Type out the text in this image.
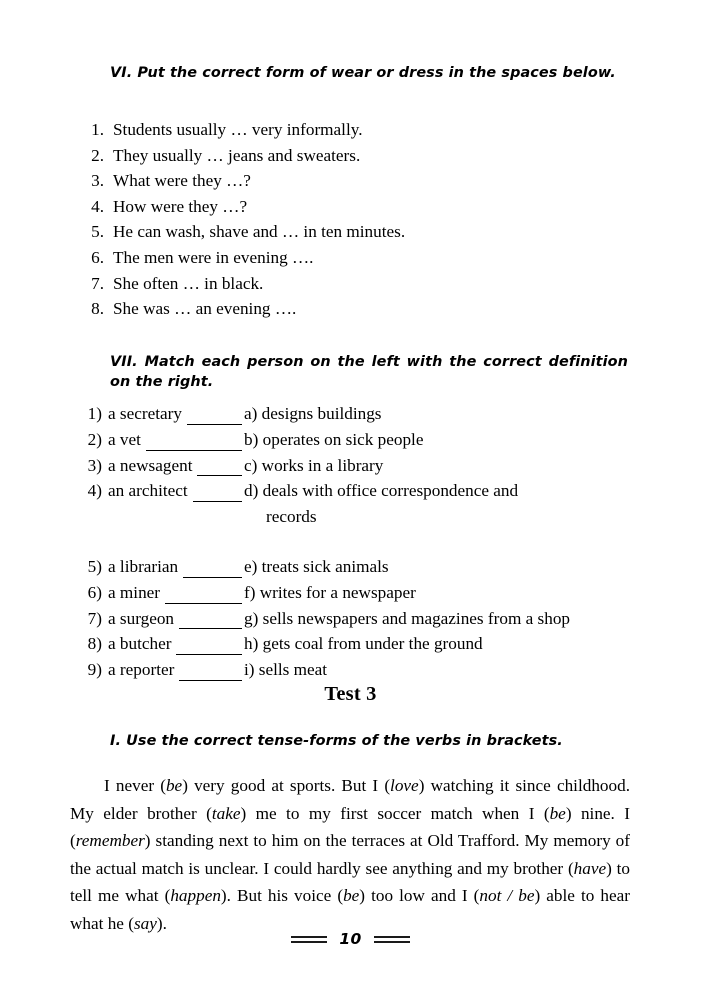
VI. Put the correct form of wear or dress in the spaces below.
1. Students usually … very informally.
2. They usually … jeans and sweaters.
3. What were they …?
4. How were they …?
5. He can wash, shave and … in ten minutes.
6. The men were in evening ….
7. She often … in black.
8. She was … an evening ….
VII. Match each person on the left with the correct definition on the right.
1) a secretary	a) designs buildings
2) a vet	b) operates on sick people
3) a newsagent	c) works in a library
4) an architect	d) deals with office correspondence and
records
5) a librarian	e) treats sick animals
6) a miner	f) writes for a newspaper
7) a surgeon	g) sells newspapers and magazines from a shop
8) a butcher	h) gets coal from under the ground
9) a reporter	i) sells meat
Test 3
I. Use the correct tense-forms of the verbs in brackets.
I never (be) very good at sports. But I (love) watching it since childhood. My elder brother (take) me to my first soccer match when I (be) nine. I (remember) standing next to him on the terraces at Old Trafford. My memory of the actual match is unclear. I could hardly see anything and my brother (have) to tell me what (happen). But his voice (be) too low and I (not / be) able to hear what he (say).
10
